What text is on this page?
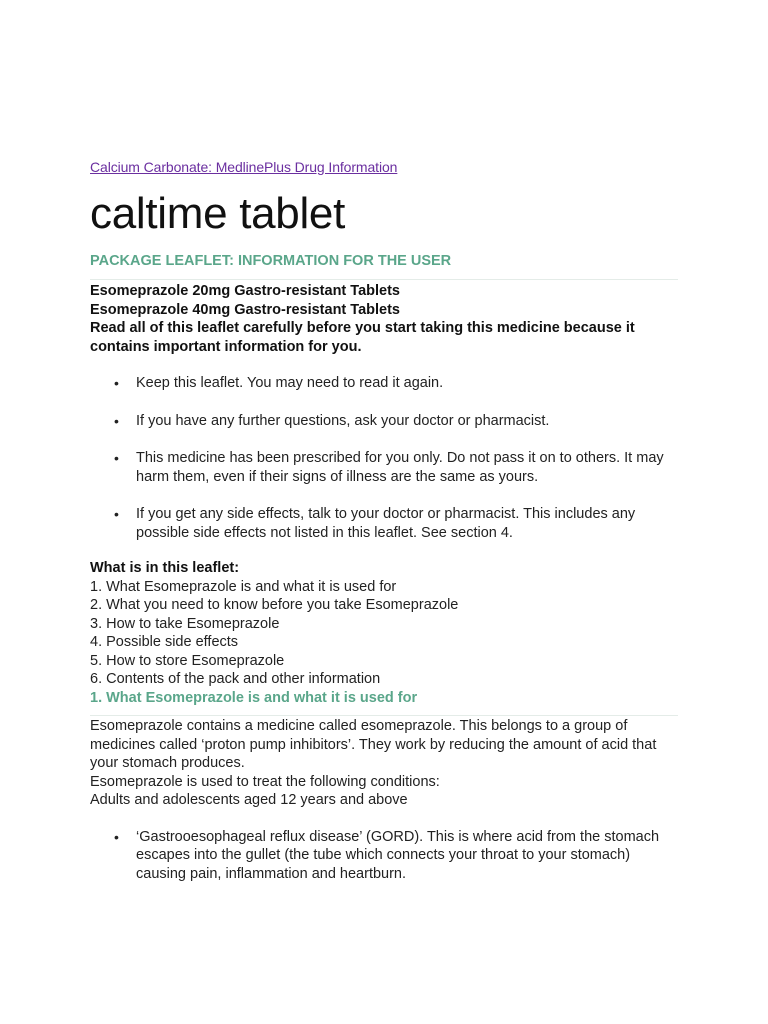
Calcium Carbonate: MedlinePlus Drug Information
caltime tablet
PACKAGE LEAFLET: INFORMATION FOR THE USER
Esomeprazole 20mg Gastro-resistant Tablets
Esomeprazole 40mg Gastro-resistant Tablets
Read all of this leaflet carefully before you start taking this medicine because it contains important information for you.
• Keep this leaflet. You may need to read it again.
• If you have any further questions, ask your doctor or pharmacist.
• This medicine has been prescribed for you only. Do not pass it on to others. It may harm them, even if their signs of illness are the same as yours.
• If you get any side effects, talk to your doctor or pharmacist. This includes any possible side effects not listed in this leaflet. See section 4.
What is in this leaflet:
1. What Esomeprazole is and what it is used for
2. What you need to know before you take Esomeprazole
3. How to take Esomeprazole
4. Possible side effects
5. How to store Esomeprazole
6. Contents of the pack and other information
1. What Esomeprazole is and what it is used for
Esomeprazole contains a medicine called esomeprazole. This belongs to a group of medicines called ‘proton pump inhibitors’. They work by reducing the amount of acid that your stomach produces.
Esomeprazole is used to treat the following conditions:
Adults and adolescents aged 12 years and above
• ‘Gastrooesophageal reflux disease’ (GORD). This is where acid from the stomach escapes into the gullet (the tube which connects your throat to your stomach) causing pain, inflammation and heartburn.
